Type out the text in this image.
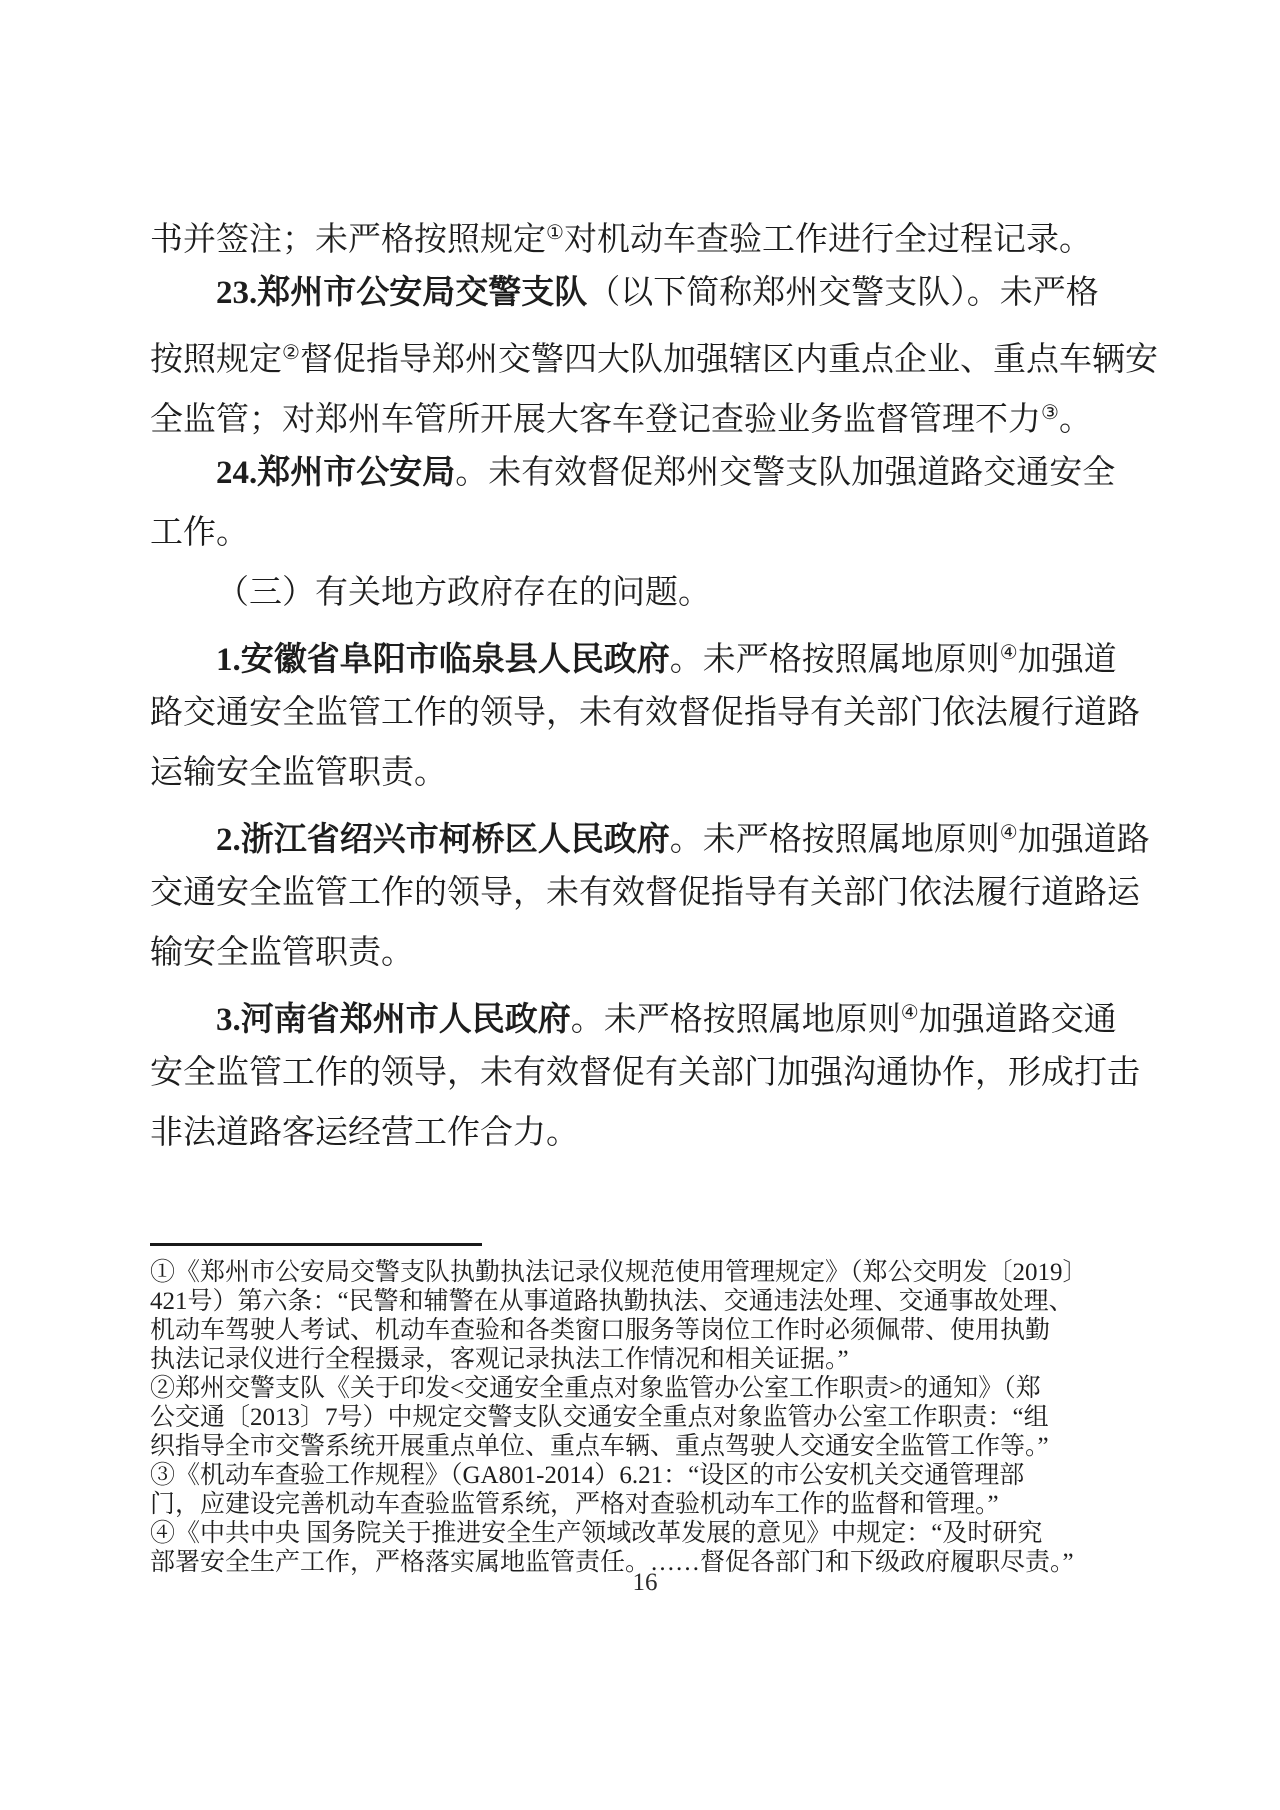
书并签注；未严格按照规定①对机动车查验工作进行全过程记录。
23.郑州市公安局交警支队（以下简称郑州交警支队）。未严格
按照规定②督促指导郑州交警四大队加强辖区内重点企业、重点车辆安
全监管；对郑州车管所开展大客车登记查验业务监督管理不力③。
24.郑州市公安局。未有效督促郑州交警支队加强道路交通安全
工作。
（三）有关地方政府存在的问题。
1.安徽省阜阳市临泉县人民政府。未严格按照属地原则④加强道
路交通安全监管工作的领导，未有效督促指导有关部门依法履行道路
运输安全监管职责。
2.浙江省绍兴市柯桥区人民政府。未严格按照属地原则④加强道路
交通安全监管工作的领导，未有效督促指导有关部门依法履行道路运
输安全监管职责。
3.河南省郑州市人民政府。未严格按照属地原则④加强道路交通
安全监管工作的领导，未有效督促有关部门加强沟通协作，形成打击
非法道路客运经营工作合力。
①《郑州市公安局交警支队执勤执法记录仪规范使用管理规定》（郑公交明发〔2019〕
421号）第六条：“民警和辅警在从事道路执勤执法、交通违法处理、交通事故处理、
机动车驾驶人考试、机动车查验和各类窗口服务等岗位工作时必须佩带、使用执勤
执法记录仪进行全程摄录，客观记录执法工作情况和相关证据。”
②郑州交警支队《关于印发<交通安全重点对象监管办公室工作职责>的通知》（郑
公交通〔2013〕7号）中规定交警支队交通安全重点对象监管办公室工作职责：“组
织指导全市交警系统开展重点单位、重点车辆、重点驾驶人交通安全监管工作等。”
③《机动车查验工作规程》（GA801-2014）6.21：“设区的市公安机关交通管理部
门，应建设完善机动车查验监管系统，严格对查验机动车工作的监督和管理。”
④《中共中央 国务院关于推进安全生产领域改革发展的意见》中规定：“及时研究
部署安全生产工作，严格落实属地监管责任。……督促各部门和下级政府履职尽责。”
16
